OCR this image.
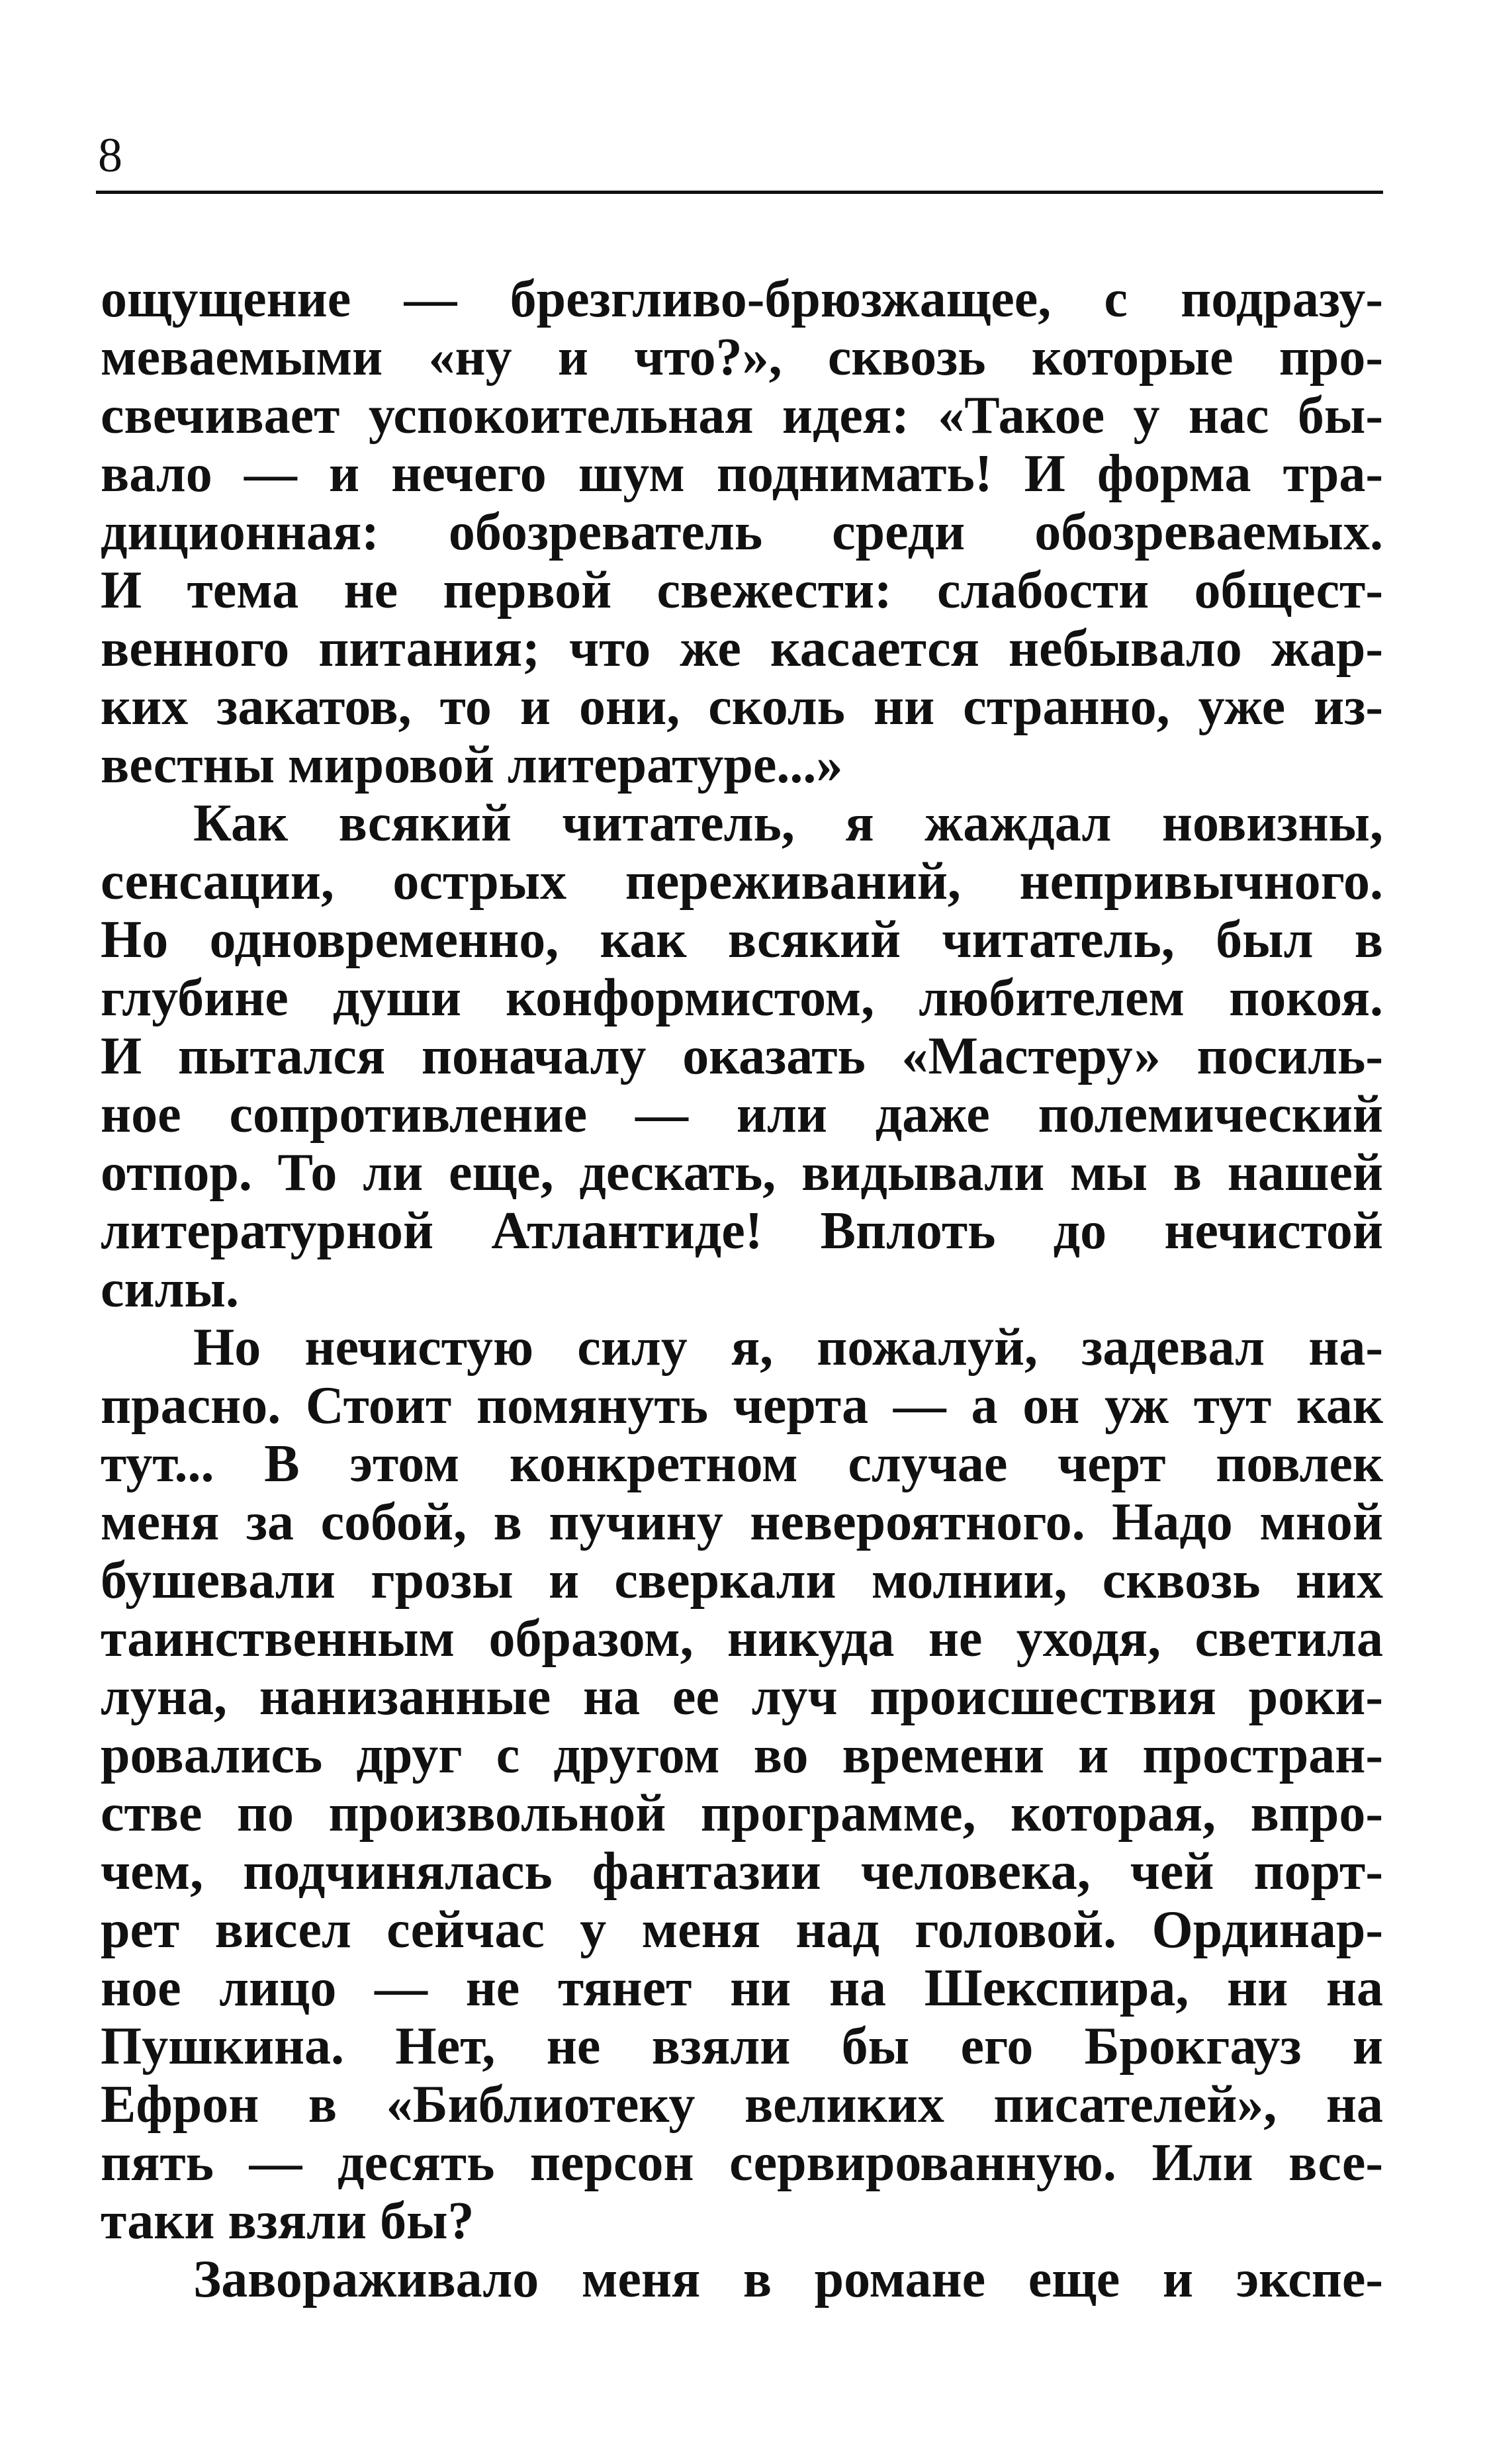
8
ощущение — брезгливо-брюзжащее, с подразу-
меваемыми «ну и что?», сквозь которые про-
свечивает успокоительная идея: «Такое у нас бы-
вало — и нечего шум поднимать! И форма тра-
диционная: обозреватель среди обозреваемых.
И тема не первой свежести: слабости общест-
венного питания; что же касается небывало жар-
ких закатов, то и они, сколь ни странно, уже из-
вестны мировой литературе...»
Как всякий читатель, я жаждал новизны,
сенсации, острых переживаний, непривычного.
Но одновременно, как всякий читатель, был в
глубине души конформистом, любителем покоя.
И пытался поначалу оказать «Мастеру» посиль-
ное сопротивление — или даже полемический
отпор. То ли еще, дескать, видывали мы в нашей
литературной Атлантиде! Вплоть до нечистой
силы.
Но нечистую силу я, пожалуй, задевал на-
прасно. Стоит помянуть черта — а он уж тут как
тут... В этом конкретном случае черт повлек
меня за собой, в пучину невероятного. Надо мной
бушевали грозы и сверкали молнии, сквозь них
таинственным образом, никуда не уходя, светила
луна, нанизанные на ее луч происшествия роки-
ровались друг с другом во времени и простран-
стве по произвольной программе, которая, впро-
чем, подчинялась фантазии человека, чей порт-
рет висел сейчас у меня над головой. Ординар-
ное лицо — не тянет ни на Шекспира, ни на
Пушкина. Нет, не взяли бы его Брокгауз и
Ефрон в «Библиотеку великих писателей», на
пять — десять персон сервированную. Или все-
таки взяли бы?
Завораживало меня в романе еще и экспе-
